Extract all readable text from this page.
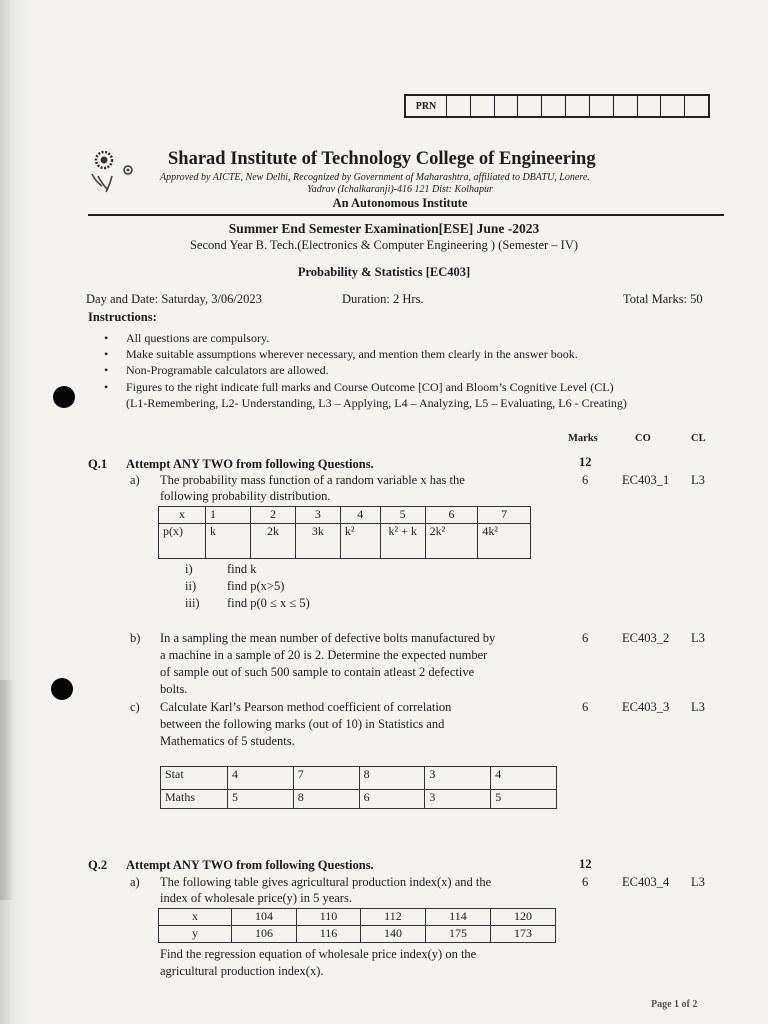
PRN
Sharad Institute of Technology College of Engineering
Approved by AICTE, New Delhi, Recognized by Government of Maharashtra, affiliated to DBATU, Lonere.
Yadrav (Ichalkaranji)-416 121 Dist: Kolhapur
An Autonomous Institute
Summer End Semester Examination[ESE] June -2023
Second Year B. Tech.(Electronics & Computer Engineering ) (Semester – IV)
Probability & Statistics [EC403]
Day and Date: Saturday, 3/06/2023	Duration: 2 Hrs.	Total Marks: 50
Instructions:
• All questions are compulsory.
• Make suitable assumptions wherever necessary, and mention them clearly in the answer book.
• Non-Programable calculators are allowed.
• Figures to the right indicate full marks and Course Outcome [CO] and Bloom’s Cognitive Level (CL)
(L1-Remembering, L2- Understanding, L3 – Applying, L4 – Analyzing, L5 – Evaluating, L6 - Creating)
Marks	CO	CL
Q.1 Attempt ANY TWO from following Questions.	12
a) The probability mass function of a random variable x has the
following probability distribution.
6	EC403_1 L3
x	1	2	3	4	5	6	7
p(x)	k	2k	3k	k²	k² + k	2k²	4k²
i)	find k
ii) find p(x>5)
iii) find p(0 ≤ x ≤ 5)
b) In a sampling the mean number of defective bolts manufactured by
a machine in a sample of 20 is 2. Determine the expected number
of sample out of such 500 sample to contain atleast 2 defective
bolts.
6	EC403_2 L3
c) Calculate Karl’s Pearson method coefficient of correlation
between the following marks (out of 10) in Statistics and
Mathematics of 5 students.
6	EC403_3 L3
Stat	4	7	8	3	4
Maths	5	8	6	3	5
Q.2 Attempt ANY TWO from following Questions.	12
a) The following table gives agricultural production index(x) and the
index of wholesale price(y) in 5 years.
6	EC403_4 L3
x	104	110	112	114	120
y	106	116	140	175	173
Find the regression equation of wholesale price index(y) on the
agricultural production index(x).
Page 1 of 2
